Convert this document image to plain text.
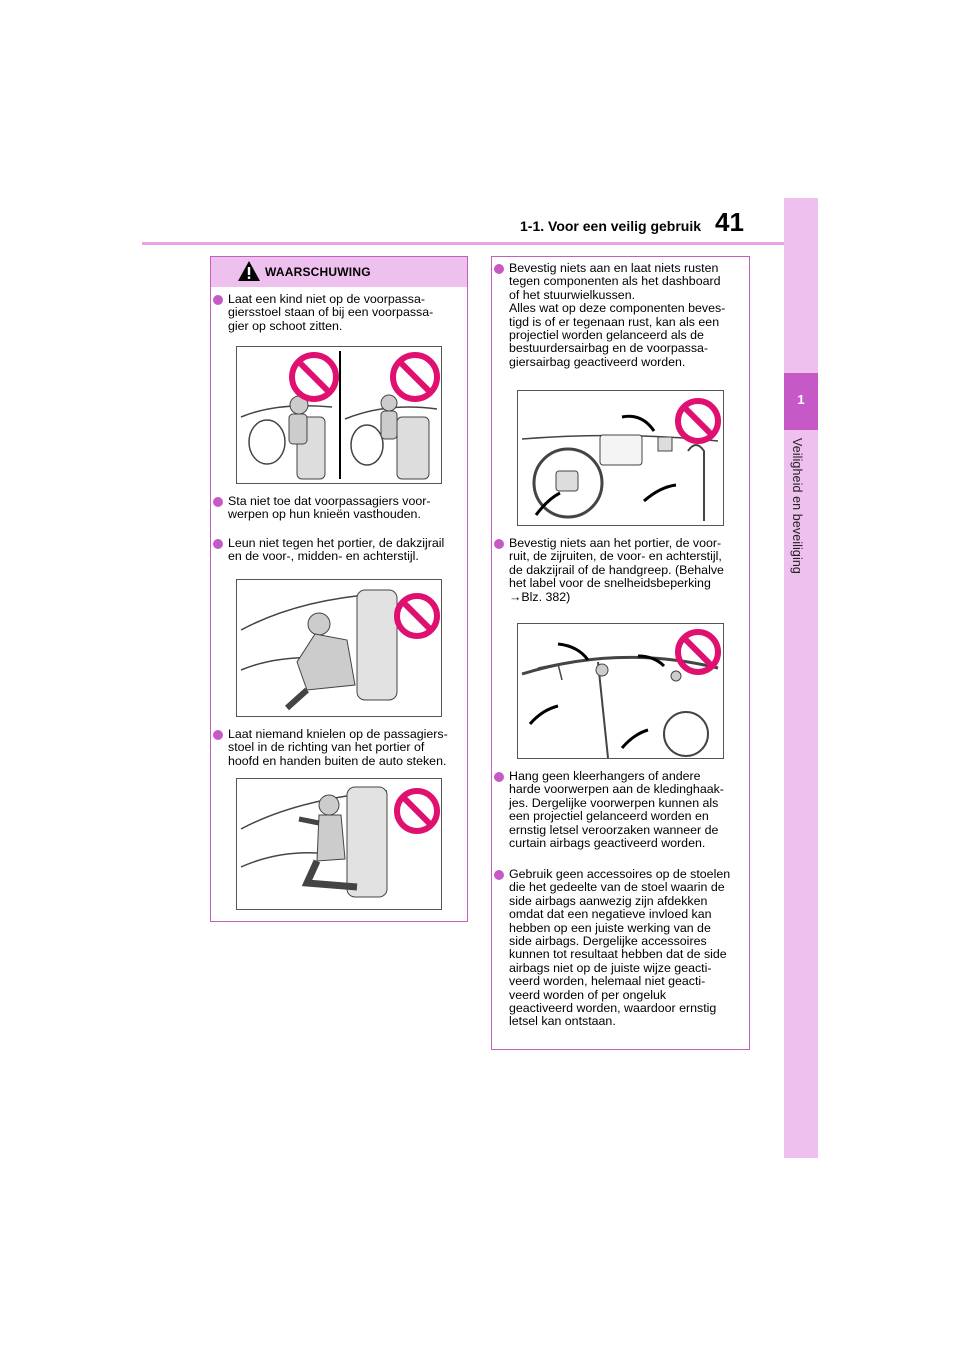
1-1. Voor een veilig gebruik 41
1
Veiligheid en beveiliging
WAARSCHUWING
Laat een kind niet op de voorpassa-
giersstoel staan of bij een voorpassa-
gier op schoot zitten.
Sta niet toe dat voorpassagiers voor-
werpen op hun knieën vasthouden.
Leun niet tegen het portier, de dakzijrail
en de voor-, midden- en achterstijl.
Laat niemand knielen op de passagiers-
stoel in de richting van het portier of
hoofd en handen buiten de auto steken.
Bevestig niets aan en laat niets rusten
tegen componenten als het dashboard
of het stuurwielkussen.
Alles wat op deze componenten beves-
tigd is of er tegenaan rust, kan als een
projectiel worden gelanceerd als de
bestuurdersairbag en de voorpassa-
giersairbag geactiveerd worden.
Bevestig niets aan het portier, de voor-
ruit, de zijruiten, de voor- en achterstijl,
de dakzijrail of de handgreep. (Behalve
het label voor de snelheidsbeperking
→Blz. 382)
Hang geen kleerhangers of andere
harde voorwerpen aan de kledinghaak-
jes. Dergelijke voorwerpen kunnen als
een projectiel gelanceerd worden en
ernstig letsel veroorzaken wanneer de
curtain airbags geactiveerd worden.
Gebruik geen accessoires op de stoelen
die het gedeelte van de stoel waarin de
side airbags aanwezig zijn afdekken
omdat dat een negatieve invloed kan
hebben op een juiste werking van de
side airbags. Dergelijke accessoires
kunnen tot resultaat hebben dat de side
airbags niet op de juiste wijze geacti-
veerd worden, helemaal niet geacti-
veerd worden of per ongeluk
geactiveerd worden, waardoor ernstig
letsel kan ontstaan.
